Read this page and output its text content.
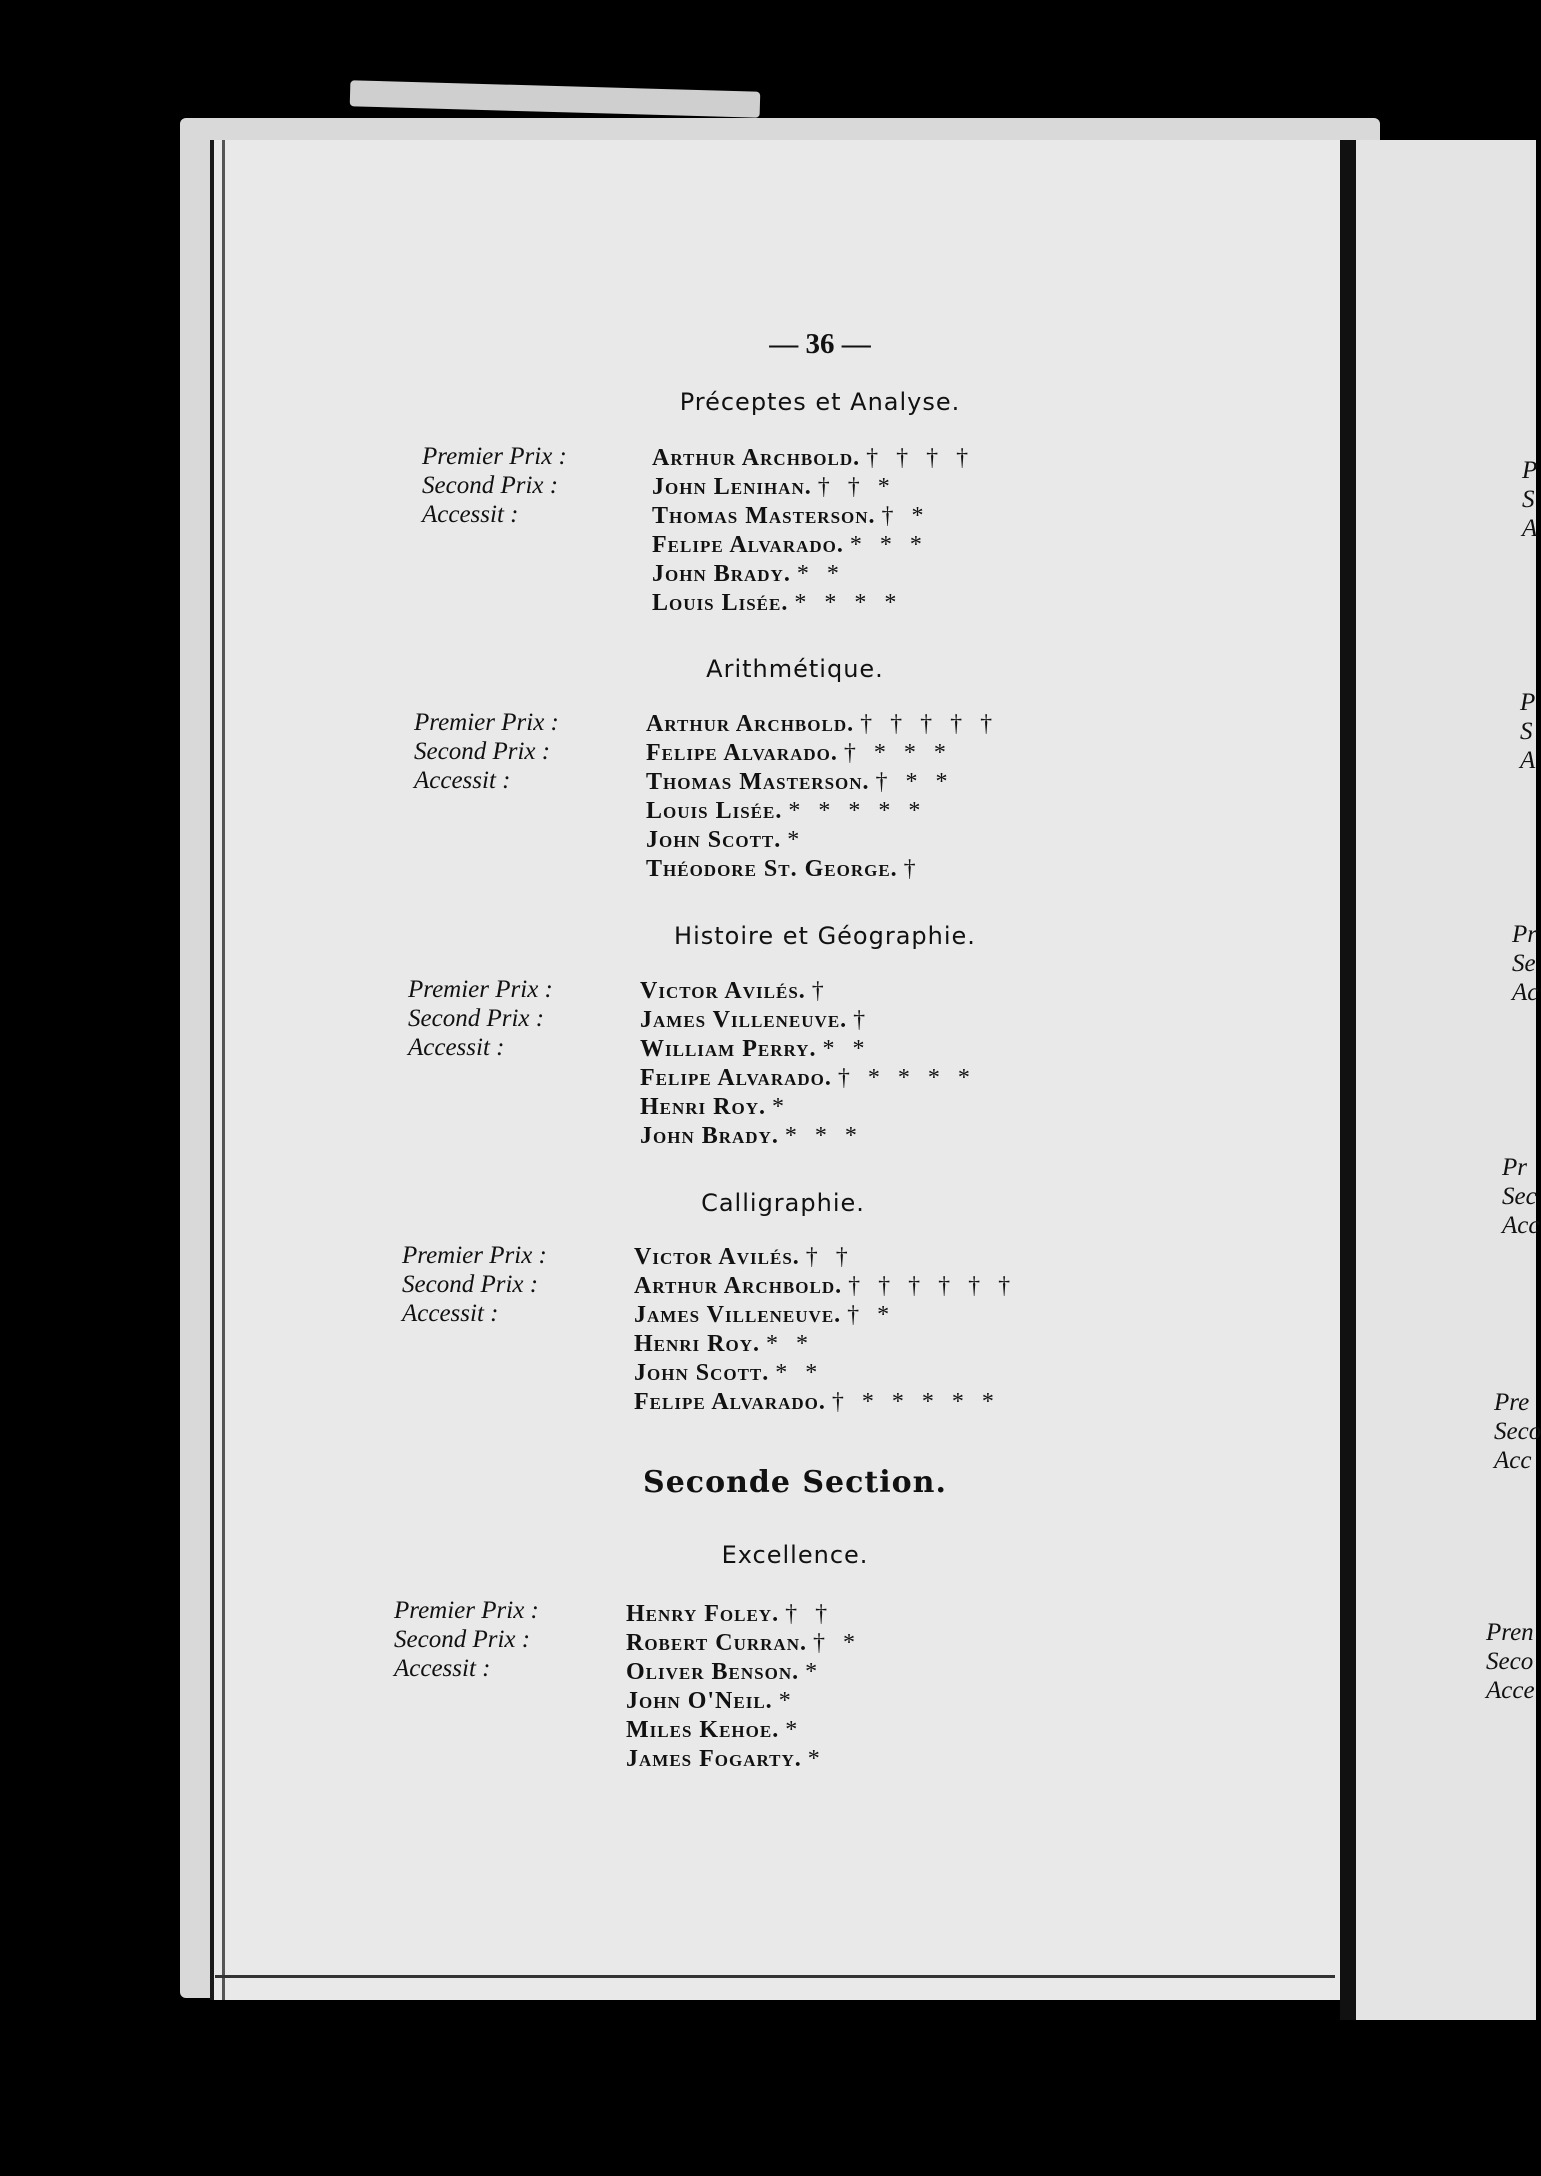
— 36 —
Préceptes et Analyse.
Premier Prix :
Second Prix :
Accessit :
Arthur Archbold. † † † †
John Lenihan. † † *
Thomas Masterson. † *
Felipe Alvarado. * * *
John Brady. * *
Louis Lisée. * * * *
Arithmétique.
Premier Prix :
Second Prix :
Accessit :
Arthur Archbold. † † † † †
Felipe Alvarado. † * * *
Thomas Masterson. † * *
Louis Lisée. * * * * *
John Scott. *
Théodore St. George. †
Histoire et Géographie.
Premier Prix :
Second Prix :
Accessit :
Victor Avilés. †
James Villeneuve. †
William Perry. * *
Felipe Alvarado. † * * * *
Henri Roy. *
John Brady. * * *
Calligraphie.
Premier Prix :
Second Prix :
Accessit :
Victor Avilés. † †
Arthur Archbold. † † † † † †
James Villeneuve. † *
Henri Roy. * *
John Scott. * *
Felipe Alvarado. † * * * * *
Seconde Section.
Excellence.
Premier Prix :
Second Prix :
Accessit :
Henry Foley. † †
Robert Curran. † *
Oliver Benson. *
John O'Neil. *
Miles Kehoe. *
James Fogarty. *
P
S
A
P
S
A
Pr
Se
Ac
Pr
Sec
Acc
Pre
Seco
Acc
Pren
Seco
Acce
